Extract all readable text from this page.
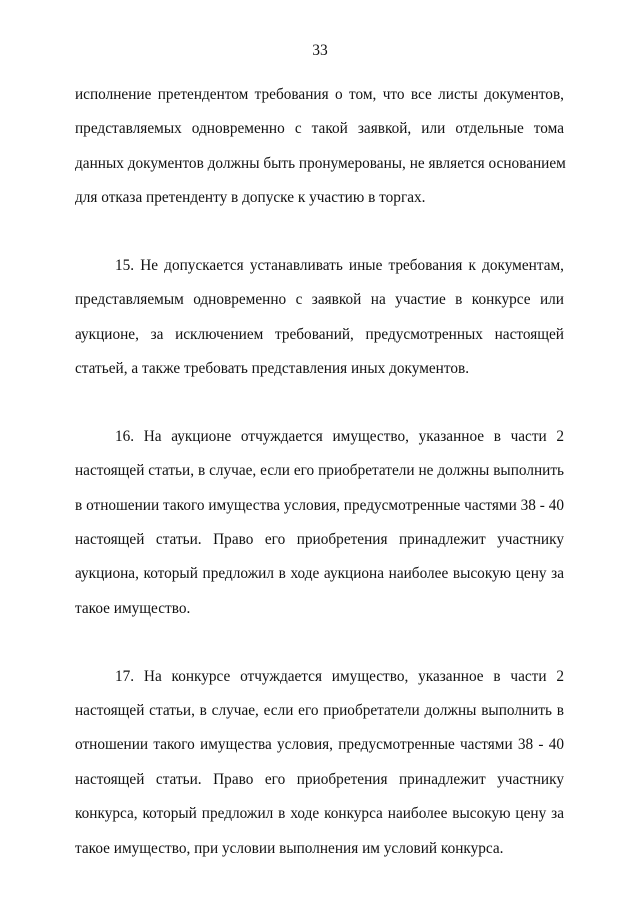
33
исполнение претендентом требования о том, что все листы документов,
представляемых одновременно с такой заявкой, или отдельные тома
данных документов должны быть пронумерованы, не является основанием
для отказа претенденту в допуске к участию в торгах.
15. Не допускается устанавливать иные требования к документам,
представляемым одновременно с заявкой на участие в конкурсе или
аукционе, за исключением требований, предусмотренных настоящей
статьей, а также требовать представления иных документов.
16. На аукционе отчуждается имущество, указанное в части 2
настоящей статьи, в случае, если его приобретатели не должны выполнить
в отношении такого имущества условия, предусмотренные частями 38 - 40
настоящей статьи. Право его приобретения принадлежит участнику
аукциона, который предложил в ходе аукциона наиболее высокую цену за
такое имущество.
17. На конкурсе отчуждается имущество, указанное в части 2
настоящей статьи, в случае, если его приобретатели должны выполнить в
отношении такого имущества условия, предусмотренные частями 38 - 40
настоящей статьи. Право его приобретения принадлежит участнику
конкурса, который предложил в ходе конкурса наиболее высокую цену за
такое имущество, при условии выполнения им условий конкурса.
